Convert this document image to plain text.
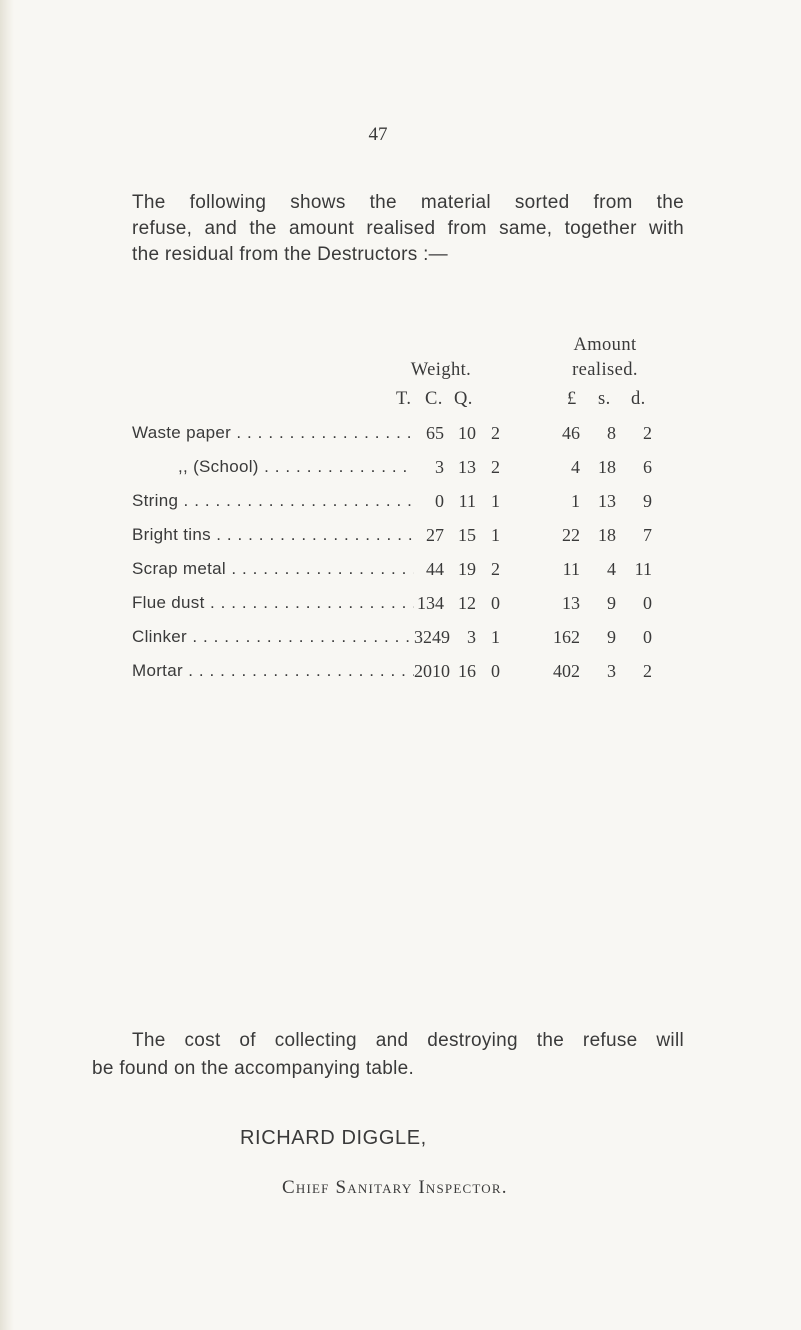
47
The following shows the material sorted from the
refuse, and the amount realised from same, together with
the residual from the Destructors :—
Amount
Weight.	realised.
T. C. Q.	£ s. d.
Waste paper . . .	65 10 2	46	8	2
,, (School) . . .	3 13 2	4	18	6
String . . .	0 11 1	1	13	9
Bright tins . . .	27 15 1	22	18	7
Scrap metal . . .	44 19 2	11	4	11
Flue dust . . .	134 12 0	13	9	0
Clinker . . .	3249 3 1	162	9	0
Mortar . . .	2010 16 0	402	3	2
The cost of collecting and destroying the refuse will
be found on the accompanying table.
RICHARD DIGGLE,
Chief Sanitary Inspector.
